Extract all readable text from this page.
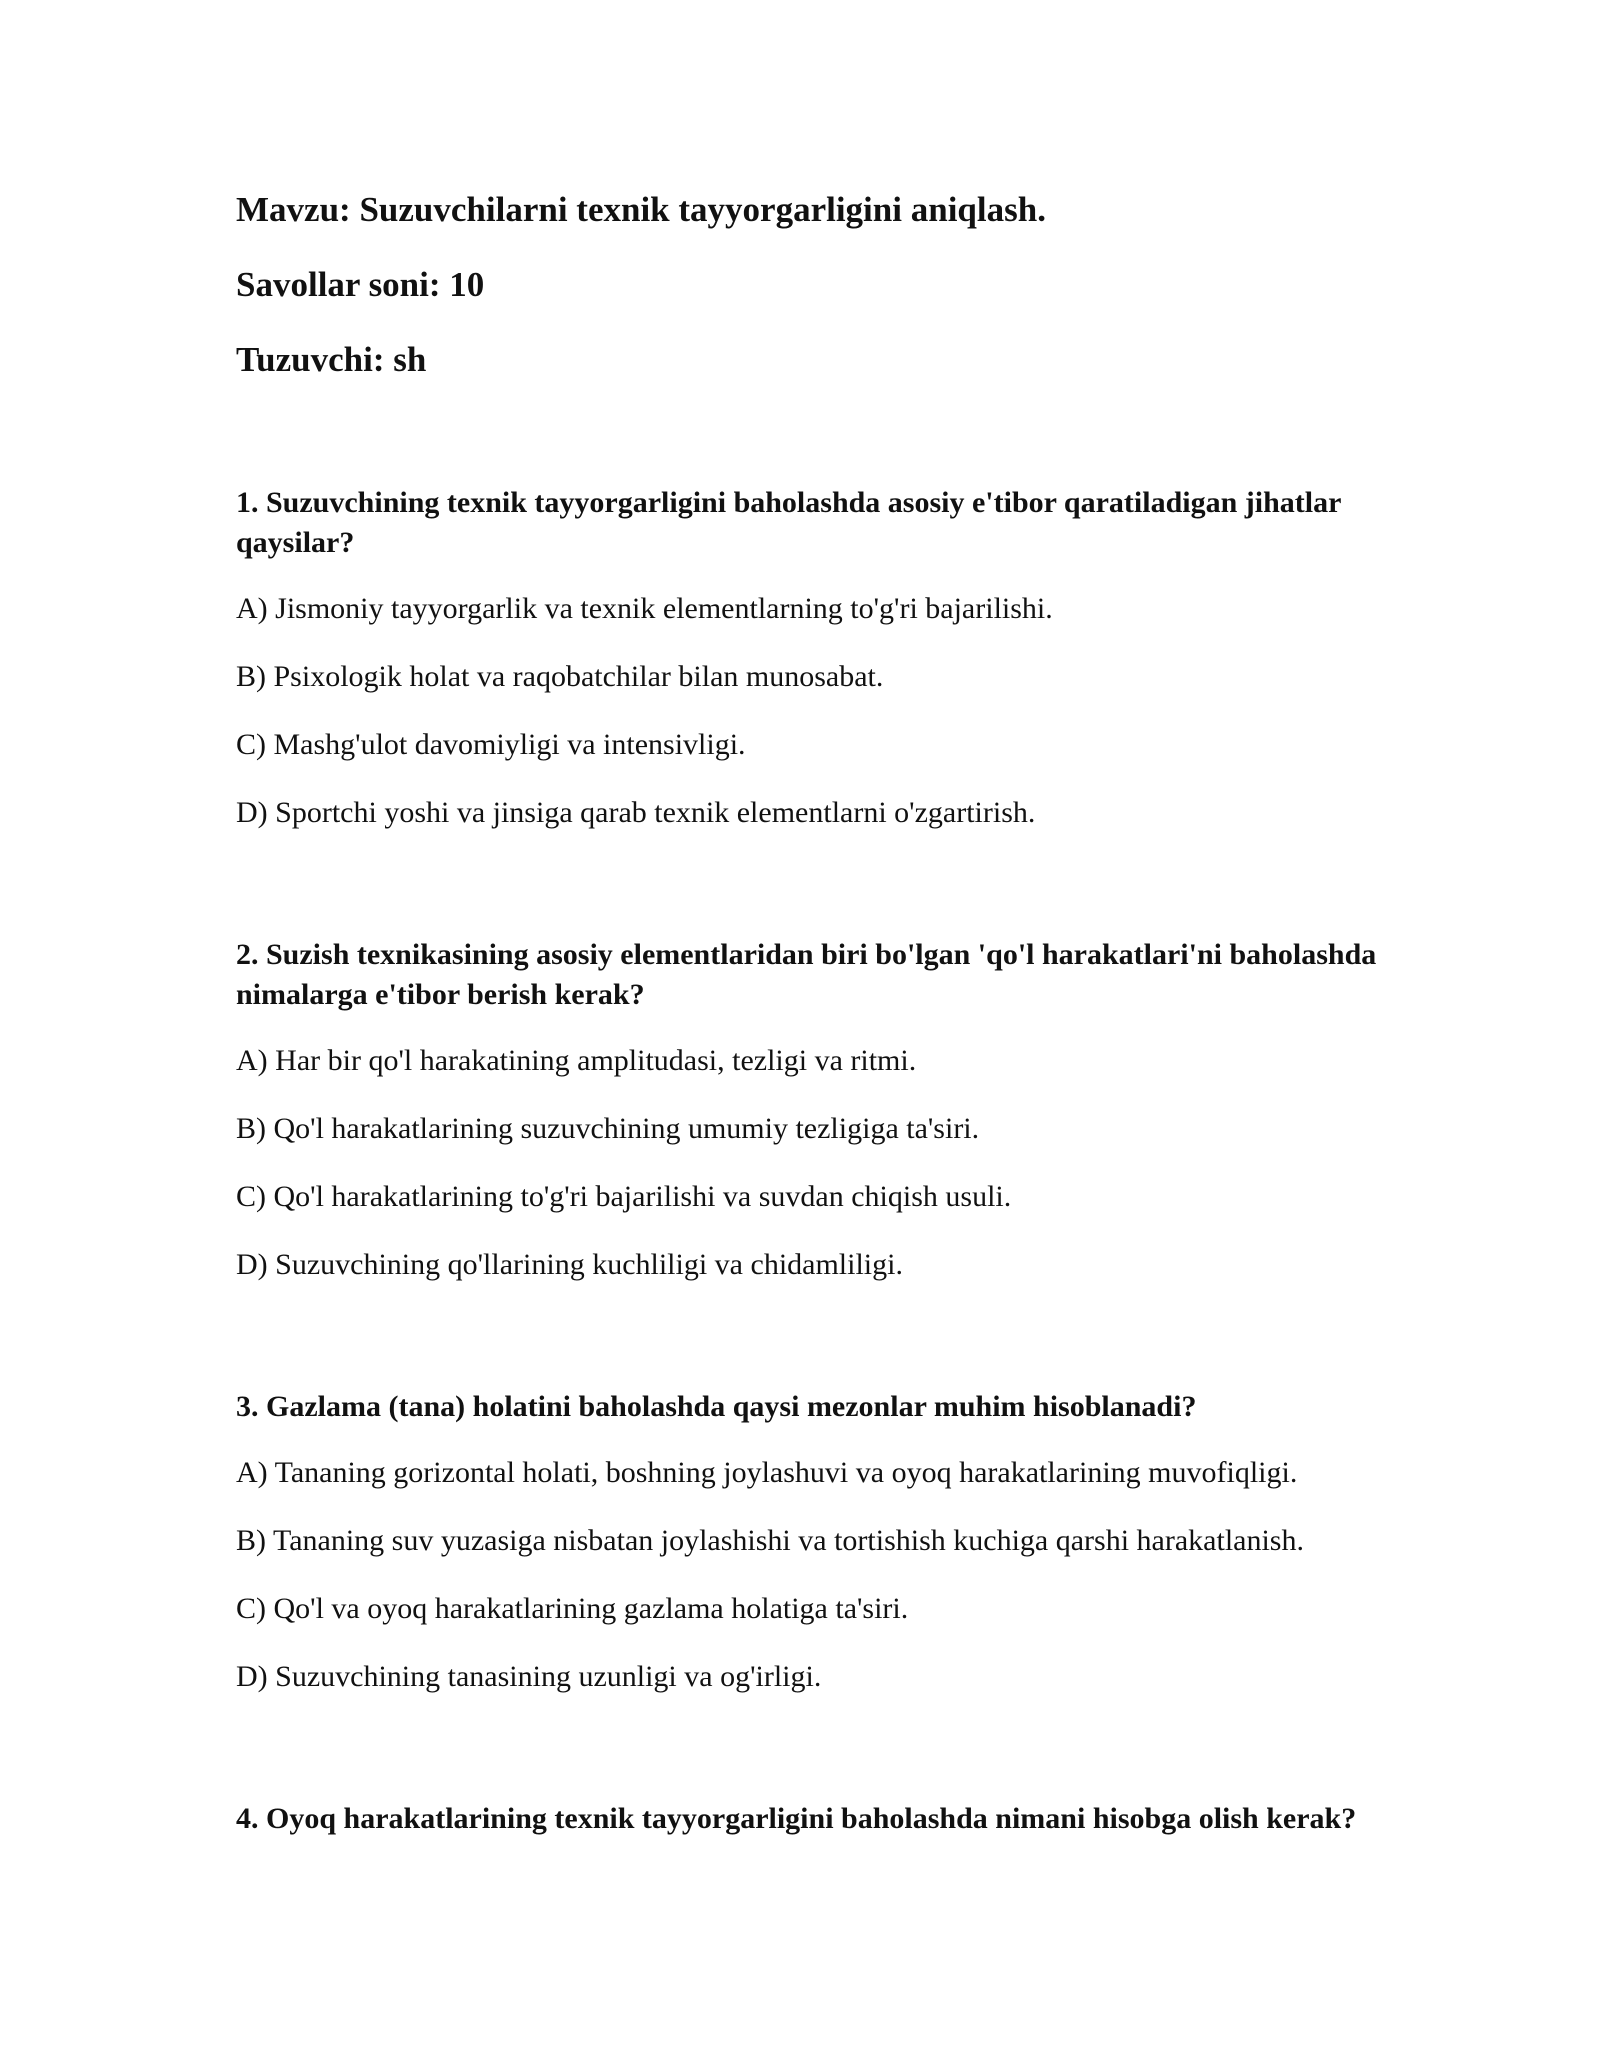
Mavzu: Suzuvchilarni texnik tayyorgarligini aniqlash.
Savollar soni: 10
Tuzuvchi: sh
1. Suzuvchining texnik tayyorgarligini baholashda asosiy e'tibor qaratiladigan jihatlar qaysilar?
A) Jismoniy tayyorgarlik va texnik elementlarning to'g'ri bajarilishi.
B) Psixologik holat va raqobatchilar bilan munosabat.
C) Mashg'ulot davomiyligi va intensivligi.
D) Sportchi yoshi va jinsiga qarab texnik elementlarni o'zgartirish.
2. Suzish texnikasining asosiy elementlaridan biri bo'lgan 'qo'l harakatlari'ni baholashda nimalarga e'tibor berish kerak?
A) Har bir qo'l harakatining amplitudasi, tezligi va ritmi.
B) Qo'l harakatlarining suzuvchining umumiy tezligiga ta'siri.
C) Qo'l harakatlarining to'g'ri bajarilishi va suvdan chiqish usuli.
D) Suzuvchining qo'llarining kuchliligi va chidamliligi.
3. Gazlama (tana) holatini baholashda qaysi mezonlar muhim hisoblanadi?
A) Tananing gorizontal holati, boshning joylashuvi va oyoq harakatlarining muvofiqligi.
B) Tananing suv yuzasiga nisbatan joylashishi va tortishish kuchiga qarshi harakatlanish.
C) Qo'l va oyoq harakatlarining gazlama holatiga ta'siri.
D) Suzuvchining tanasining uzunligi va og'irligi.
4. Oyoq harakatlarining texnik tayyorgarligini baholashda nimani hisobga olish kerak?
